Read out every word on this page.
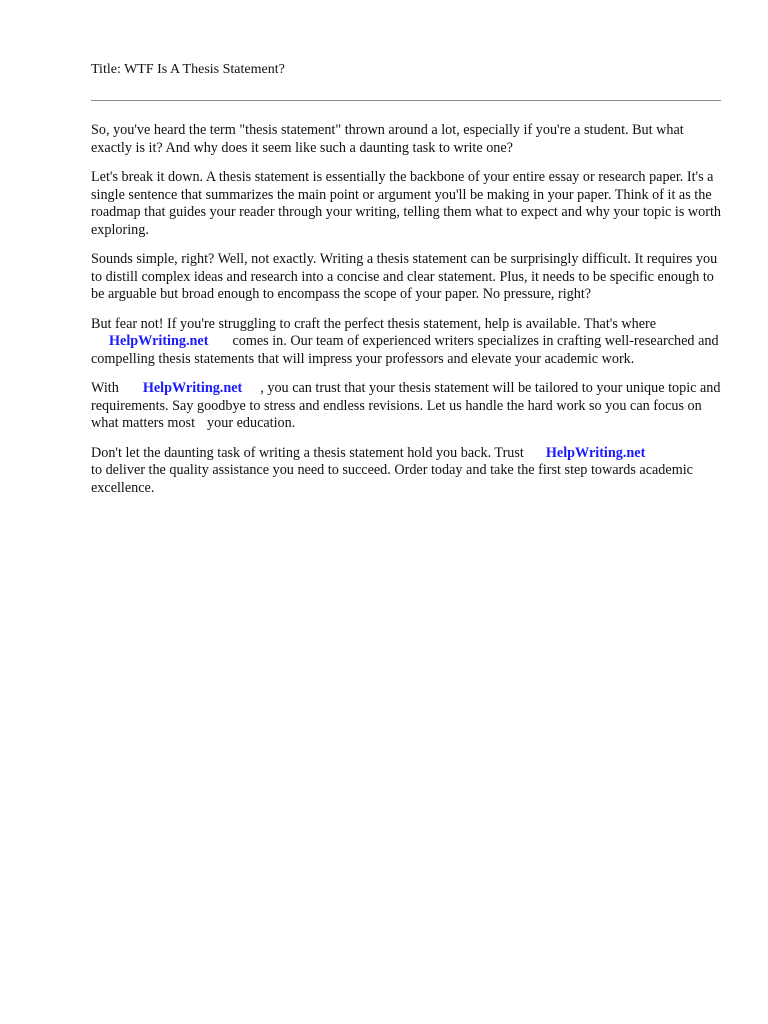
Title: WTF Is A Thesis Statement?

So, you've heard the term "thesis statement" thrown around a lot, especially if you're a student. But what exactly is it? And why does it seem like such a daunting task to write one?

Let's break it down. A thesis statement is essentially the backbone of your entire essay or research paper. It's a single sentence that summarizes the main point or argument you'll be making in your paper. Think of it as the roadmap that guides your reader through your writing, telling them what to expect and why your topic is worth exploring.

Sounds simple, right? Well, not exactly. Writing a thesis statement can be surprisingly difficult. It requires you to distill complex ideas and research into a concise and clear statement. Plus, it needs to be specific enough to be arguable but broad enough to encompass the scope of your paper. No pressure, right?

But fear not! If you're struggling to craft the perfect thesis statement, help is available. That's where
HelpWriting.net comes in. Our team of experienced writers specializes in crafting well-researched and compelling thesis statements that will impress your professors and elevate your academic work.

With HelpWriting.net , you can trust that your thesis statement will be tailored to your unique topic and requirements. Say goodbye to stress and endless revisions. Let us handle the hard work so you can focus on what matters most your education.

Don't let the daunting task of writing a thesis statement hold you back. Trust HelpWriting.net
to deliver the quality assistance you need to succeed. Order today and take the first step towards academic excellence.
